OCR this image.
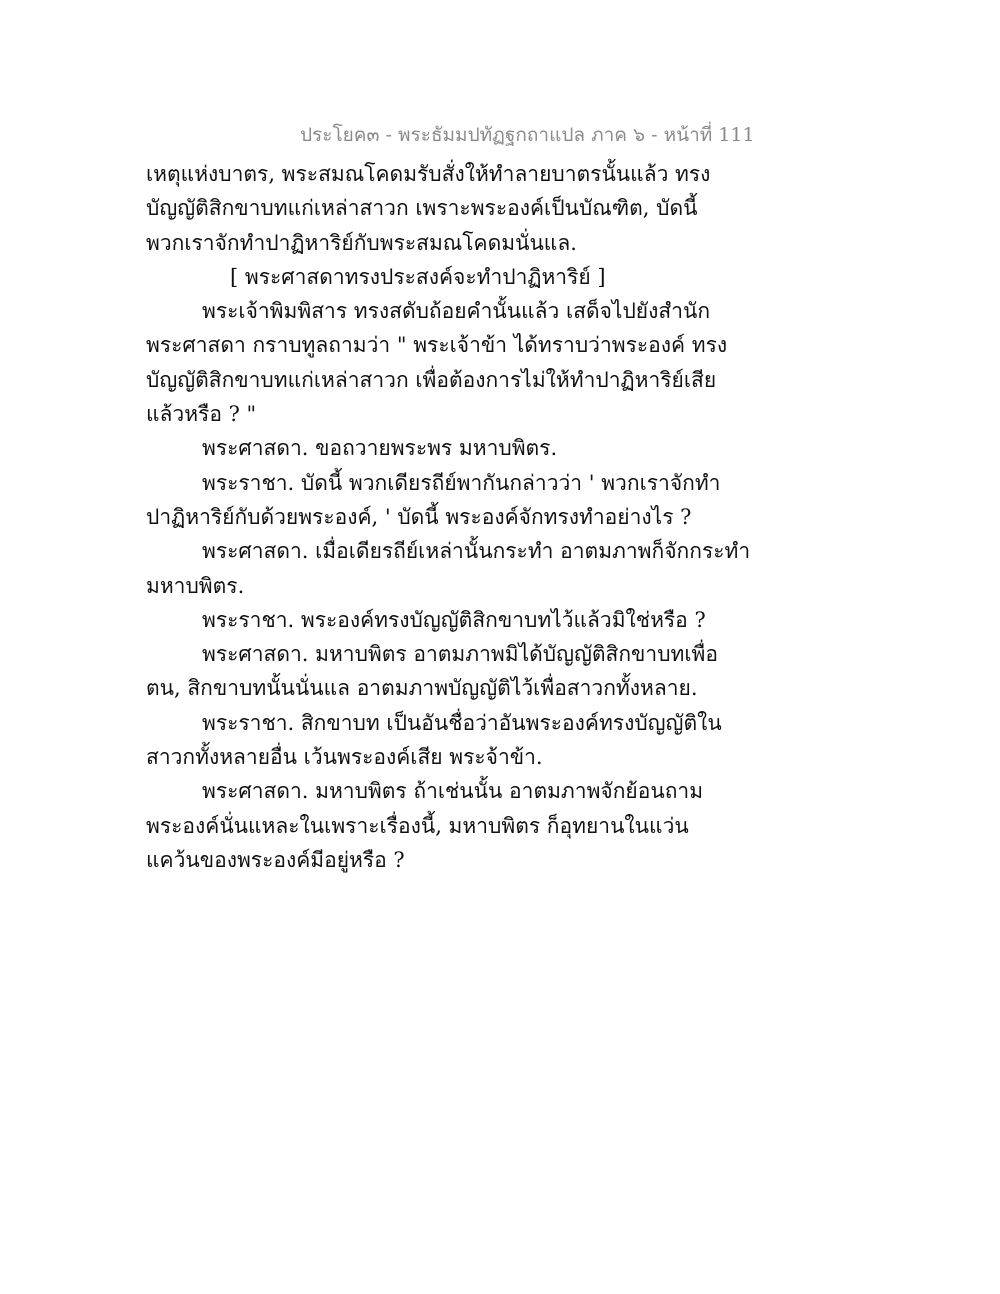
ประโยค๓ - พระธัมมปทัฏฐกถาแปล ภาค ๖ - หน้าที่ 111
เหตุแห่งบาตร, พระสมณโคดมรับสั่งให้ทำลายบาตรนั้นแล้ว ทรง
บัญญัติสิกขาบทแก่เหล่าสาวก เพราะพระองค์เป็นบัณฑิต, บัดนี้
พวกเราจักทำปาฏิหาริย์กับพระสมณโคดมนั่นแล.
[ พระศาสดาทรงประสงค์จะทำปาฏิหาริย์ ]
พระเจ้าพิมพิสาร ทรงสดับถ้อยคำนั้นแล้ว เสด็จไปยังสำนัก
พระศาสดา กราบทูลถามว่า " พระเจ้าข้า ได้ทราบว่าพระองค์ ทรง
บัญญัติสิกขาบทแก่เหล่าสาวก เพื่อต้องการไม่ให้ทำปาฏิหาริย์เสีย
แล้วหรือ ? "
พระศาสดา. ขอถวายพระพร มหาบพิตร.
พระราชา. บัดนี้ พวกเดียรถีย์พากันกล่าวว่า ' พวกเราจักทำ
ปาฏิหาริย์กับด้วยพระองค์, ' บัดนี้ พระองค์จักทรงทำอย่างไร ?
พระศาสดา. เมื่อเดียรถีย์เหล่านั้นกระทำ อาตมภาพก็จักกระทำ
มหาบพิตร.
พระราชา. พระองค์ทรงบัญญัติสิกขาบทไว้แล้วมิใช่หรือ ?
พระศาสดา. มหาบพิตร อาตมภาพมิได้บัญญัติสิกขาบทเพื่อ
ตน, สิกขาบทนั้นนั่นแล อาตมภาพบัญญัติไว้เพื่อสาวกทั้งหลาย.
พระราชา. สิกขาบท เป็นอันชื่อว่าอันพระองค์ทรงบัญญัติใน
สาวกทั้งหลายอื่น เว้นพระองค์เสีย พระจ้าข้า.
พระศาสดา. มหาบพิตร ถ้าเช่นนั้น อาตมภาพจักย้อนถาม
พระองค์นั่นแหละในเพราะเรื่องนี้, มหาบพิตร ก็อุทยานในแว่น
แคว้นของพระองค์มีอยู่หรือ ?
